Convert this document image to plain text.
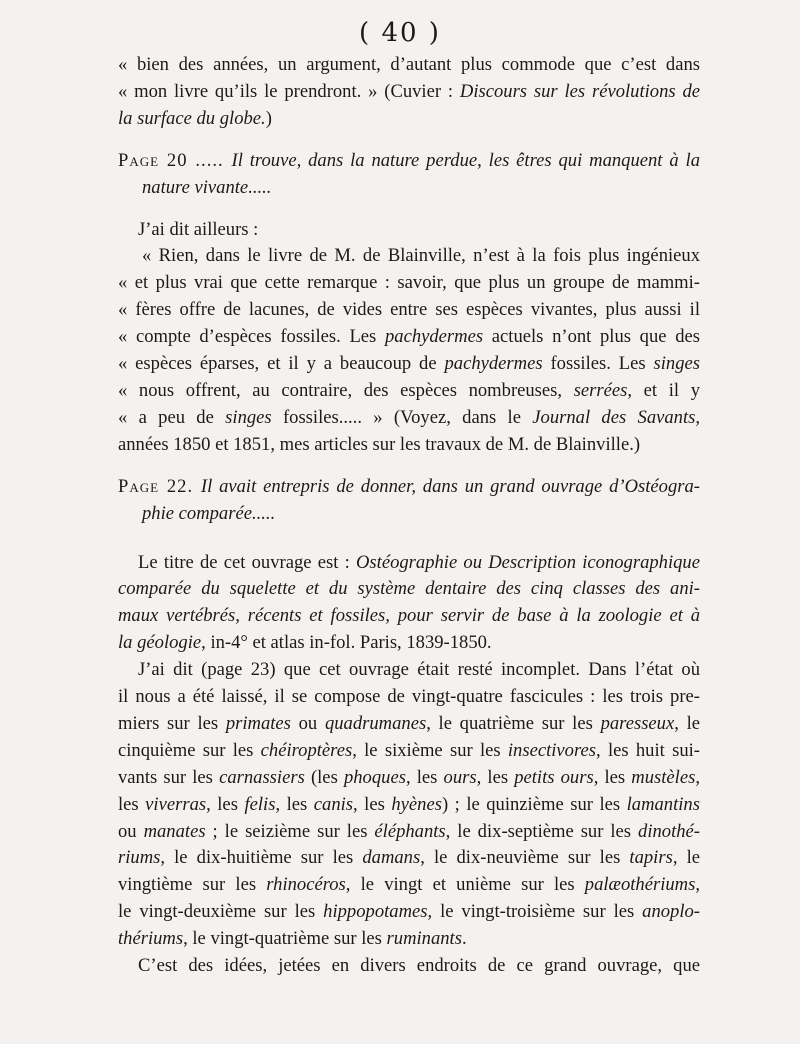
( 40 )
« bien des années, un argument, d’autant plus commode que c’est dans
« mon livre qu’ils le prendront. » (Cuvier : Discours sur les révolutions de
la surface du globe.)
Page 20 ..... Il trouve, dans la nature perdue, les êtres qui manquent à la
nature vivante.....
J’ai dit ailleurs :
« Rien, dans le livre de M. de Blainville, n’est à la fois plus ingénieux
« et plus vrai que cette remarque : savoir, que plus un groupe de mammi-
« fères offre de lacunes, de vides entre ses espèces vivantes, plus aussi il
« compte d’espèces fossiles. Les pachydermes actuels n’ont plus que des
« espèces éparses, et il y a beaucoup de pachydermes fossiles. Les singes
« nous offrent, au contraire, des espèces nombreuses, serrées, et il y
« a peu de singes fossiles..... » (Voyez, dans le Journal des Savants,
années 1850 et 1851, mes articles sur les travaux de M. de Blainville.)
Page 22. Il avait entrepris de donner, dans un grand ouvrage d’Ostéogra-
phie comparée.....
Le titre de cet ouvrage est : Ostéographie ou Description iconographique
comparée du squelette et du système dentaire des cinq classes des ani-
maux vertébrés, récents et fossiles, pour servir de base à la zoologie et à
la géologie, in-4° et atlas in-fol. Paris, 1839-1850.
J’ai dit (page 23) que cet ouvrage était resté incomplet. Dans l’état où
il nous a été laissé, il se compose de vingt-quatre fascicules : les trois pre-
miers sur les primates ou quadrumanes, le quatrième sur les paresseux, le
cinquième sur les chéiroptères, le sixième sur les insectivores, les huit sui-
vants sur les carnassiers (les phoques, les ours, les petits ours, les mustèles,
les viverras, les felis, les canis, les hyènes) ; le quinzième sur les lamantins
ou manates ; le seizième sur les éléphants, le dix-septième sur les dinothé-
riums, le dix-huitième sur les damans, le dix-neuvième sur les tapirs, le
vingtième sur les rhinocéros, le vingt et unième sur les palæothériums,
le vingt-deuxième sur les hippopotames, le vingt-troisième sur les anoplo-
thériums, le vingt-quatrième sur les ruminants.
C’est des idées, jetées en divers endroits de ce grand ouvrage, que
